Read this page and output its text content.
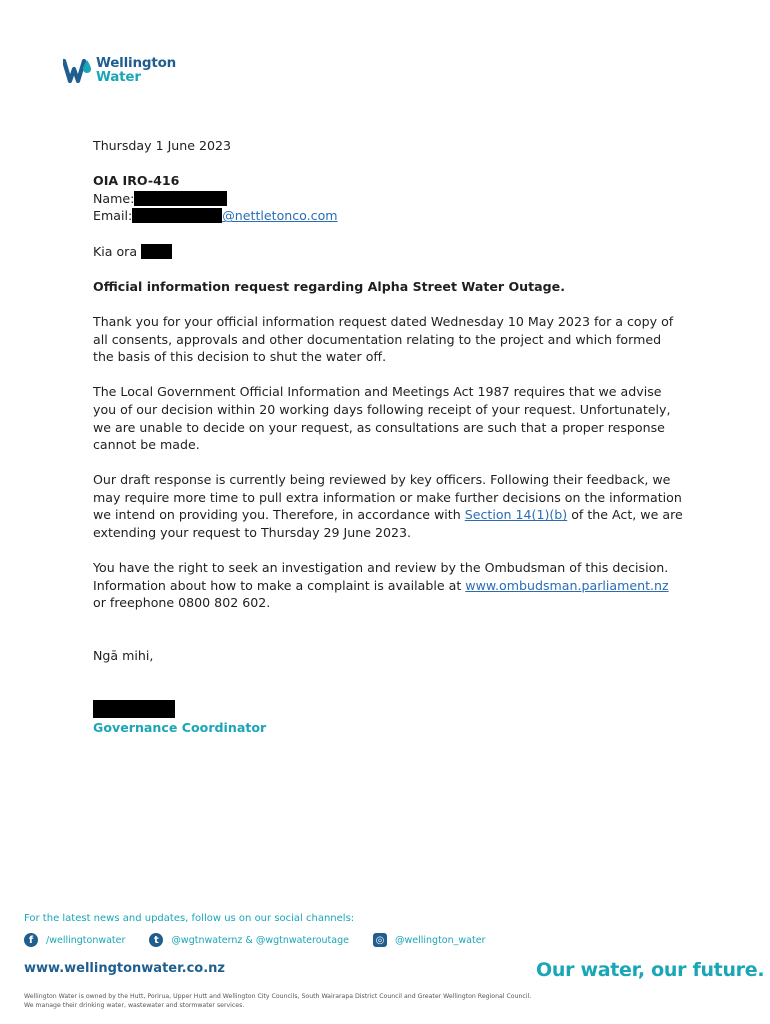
Wellington
Water

Thursday 1 June 2023

OIA IRO-416

Name:

Email:	@nettletonco.com

Kia ora

Official information request regarding Alpha Street Water Outage.

Thank you for your official information request dated Wednesday 10 May 2023 for a copy of all consents, approvals and other documentation relating to the project and which formed the basis of this decision to shut the water off.

The Local Government Official Information and Meetings Act 1987 requires that we advise you of our decision within 20 working days following receipt of your request. Unfortunately, we are unable to decide on your request, as consultations are such that a proper response cannot be made.

Our draft response is currently being reviewed by key officers. Following their feedback, we may require more time to pull extra information or make further decisions on the information we intend on providing you. Therefore, in accordance with Section 14(1)(b) of the Act, we are extending your request to Thursday 29 June 2023.

You have the right to seek an investigation and review by the Ombudsman of this decision. Information about how to make a complaint is available at www.ombudsman.parliament.nz or freephone 0800 802 602.

Ngā mihi,

Governance Coordinator

For the latest news and updates, follow us on our social channels:
f	/wellingtonwater	t	@wgtnwaternz & @wgtnwateroutage	◎ @wellington_water
www.wellingtonwater.co.nz	Our water, our future.
Wellington Water is owned by the Hutt, Porirua, Upper Hutt and Wellington City Councils, South Wairarapa District Council and Greater Wellington Regional Council.
We manage their drinking water, wastewater and stormwater services.
